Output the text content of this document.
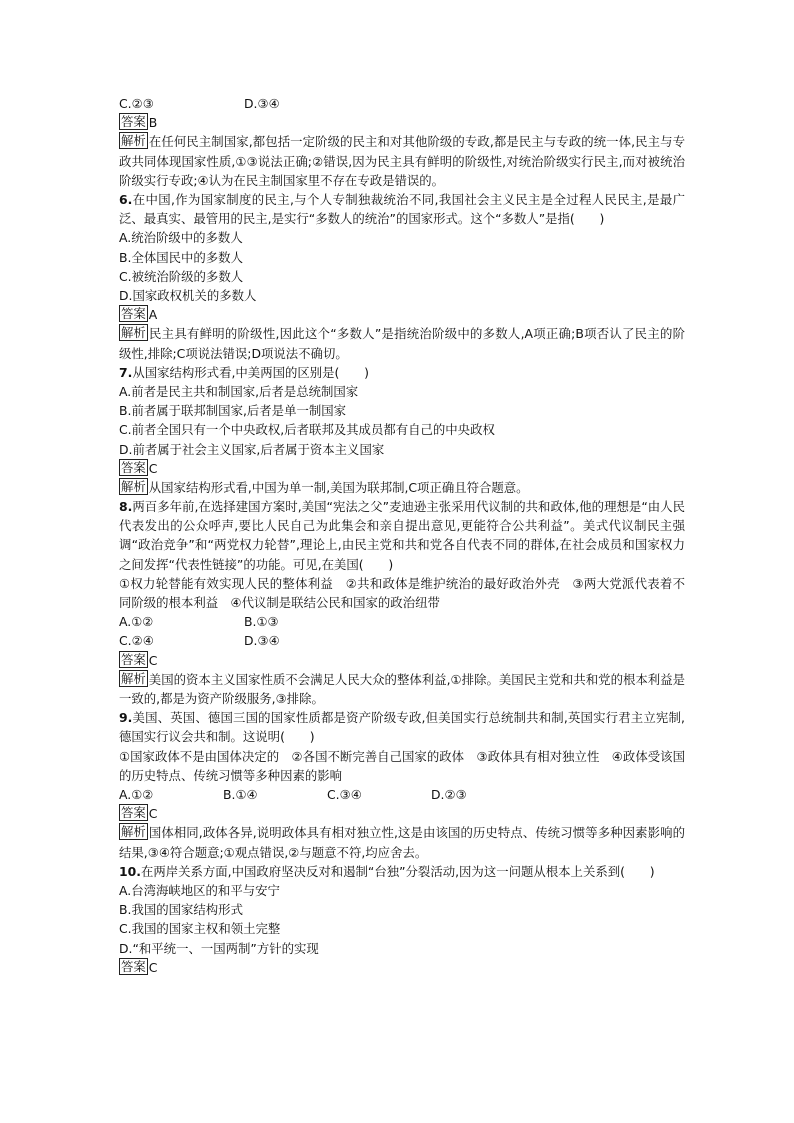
C.②③	D.③④
答案 B
解析 在任何民主制国家,都包括一定阶级的民主和对其他阶级的专政,都是民主与专政的统一体,民主与专政共同体现国家性质,①③说法正确;②错误,因为民主具有鲜明的阶级性,对统治阶级实行民主,而对被统治阶级实行专政;④认为在民主制国家里不存在专政是错误的。
6.在中国,作为国家制度的民主,与个人专制独裁统治不同,我国社会主义民主是全过程人民民主,是最广泛、最真实、最管用的民主,是实行“多数人的统治”的国家形式。这个“多数人”是指(　　)
A.统治阶级中的多数人
B.全体国民中的多数人
C.被统治阶级的多数人
D.国家政权机关的多数人
答案 A
解析 民主具有鲜明的阶级性,因此这个“多数人”是指统治阶级中的多数人,A项正确;B项否认了民主的阶级性,排除;C项说法错误;D项说法不确切。
7.从国家结构形式看,中美两国的区别是(　　)
A.前者是民主共和制国家,后者是总统制国家
B.前者属于联邦制国家,后者是单一制国家
C.前者全国只有一个中央政权,后者联邦及其成员都有自己的中央政权
D.前者属于社会主义国家,后者属于资本主义国家
答案 C
解析 从国家结构形式看,中国为单一制,美国为联邦制,C项正确且符合题意。
8.两百多年前,在选择建国方案时,美国“宪法之父”麦迪逊主张采用代议制的共和政体,他的理想是“由人民代表发出的公众呼声,要比人民自己为此集会和亲自提出意见,更能符合公共利益”。美式代议制民主强调“政治竞争”和“两党权力轮替”,理论上,由民主党和共和党各自代表不同的群体,在社会成员和国家权力之间发挥“代表性链接”的功能。可见,在美国(　　)
①权力轮替能有效实现人民的整体利益　②共和政体是维护统治的最好政治外壳　③两大党派代表着不同阶级的根本利益　④代议制是联结公民和国家的政治纽带
A.①②	B.①③
C.②④	D.③④
答案 C
解析 美国的资本主义国家性质不会满足人民大众的整体利益,①排除。美国民主党和共和党的根本利益是一致的,都是为资产阶级服务,③排除。
9.美国、英国、德国三国的国家性质都是资产阶级专政,但美国实行总统制共和制,英国实行君主立宪制,德国实行议会共和制。这说明(　　)
①国家政体不是由国体决定的　②各国不断完善自己国家的政体　③政体具有相对独立性　④政体受该国的历史特点、传统习惯等多种因素的影响
A.①②	B.①④	C.③④	D.②③
答案 C
解析 国体相同,政体各异,说明政体具有相对独立性,这是由该国的历史特点、传统习惯等多种因素影响的结果,③④符合题意;①观点错误,②与题意不符,均应舍去。
10.在两岸关系方面,中国政府坚决反对和遏制“台独”分裂活动,因为这一问题从根本上关系到(　　)
A.台湾海峡地区的和平与安宁
B.我国的国家结构形式
C.我国的国家主权和领土完整
D.“和平统一、一国两制”方针的实现
答案 C
